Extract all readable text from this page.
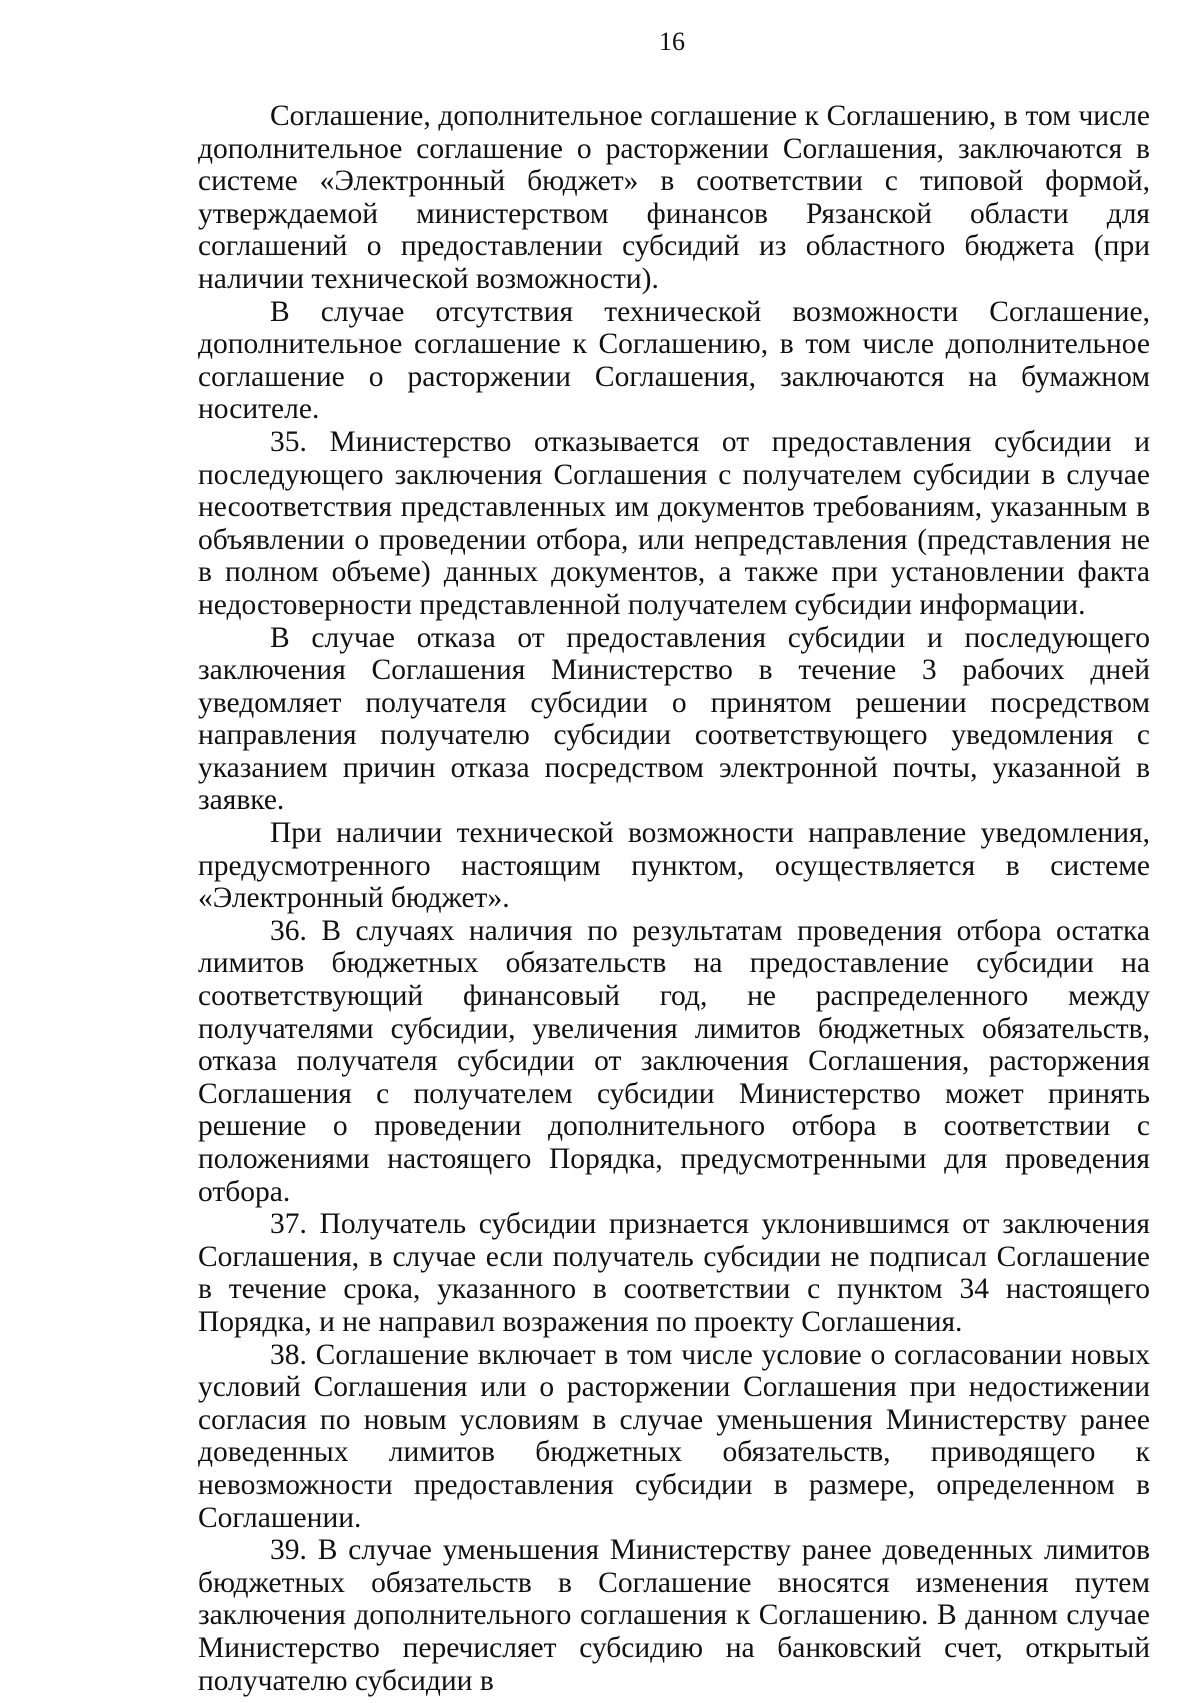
16

Соглашение, дополнительное соглашение к Соглашению, в том числе дополнительное соглашение о расторжении Соглашения, заключаются в системе «Электронный бюджет» в соответствии с типовой формой, утверждаемой министерством финансов Рязанской области для соглашений о предоставлении субсидий из областного бюджета (при наличии технической возможности).

В случае отсутствия технической возможности Соглашение, дополнительное соглашение к Соглашению, в том числе дополнительное соглашение о расторжении Соглашения, заключаются на бумажном носителе.

35. Министерство отказывается от предоставления субсидии и последующего заключения Соглашения с получателем субсидии в случае несоответствия представленных им документов требованиям, указанным в объявлении о проведении отбора, или непредставления (представления не в полном объеме) данных документов, а также при установлении факта недостоверности представленной получателем субсидии информации.

В случае отказа от предоставления субсидии и последующего заключения Соглашения Министерство в течение 3 рабочих дней уведомляет получателя субсидии о принятом решении посредством направления получателю субсидии соответствующего уведомления с указанием причин отказа посредством электронной почты, указанной в заявке.

При наличии технической возможности направление уведомления, предусмотренного настоящим пунктом, осуществляется в системе «Электронный бюджет».

36. В случаях наличия по результатам проведения отбора остатка лимитов бюджетных обязательств на предоставление субсидии на соответствующий финансовый год, не распределенного между получателями субсидии, увеличения лимитов бюджетных обязательств, отказа получателя субсидии от заключения Соглашения, расторжения Соглашения с получателем субсидии Министерство может принять решение о проведении дополнительного отбора в соответствии с положениями настоящего Порядка, предусмотренными для проведения отбора.

37. Получатель субсидии признается уклонившимся от заключения Соглашения, в случае если получатель субсидии не подписал Соглашение в течение срока, указанного в соответствии с пунктом 34 настоящего Порядка, и не направил возражения по проекту Соглашения.

38. Соглашение включает в том числе условие о согласовании новых условий Соглашения или о расторжении Соглашения при недостижении согласия по новым условиям в случае уменьшения Министерству ранее доведенных лимитов бюджетных обязательств, приводящего к невозможности предоставления субсидии в размере, определенном в Соглашении.

39. В случае уменьшения Министерству ранее доведенных лимитов бюджетных обязательств в Соглашение вносятся изменения путем заключения дополнительного соглашения к Соглашению. В данном случае Министерство перечисляет субсидию на банковский счет, открытый получателю субсидии в
